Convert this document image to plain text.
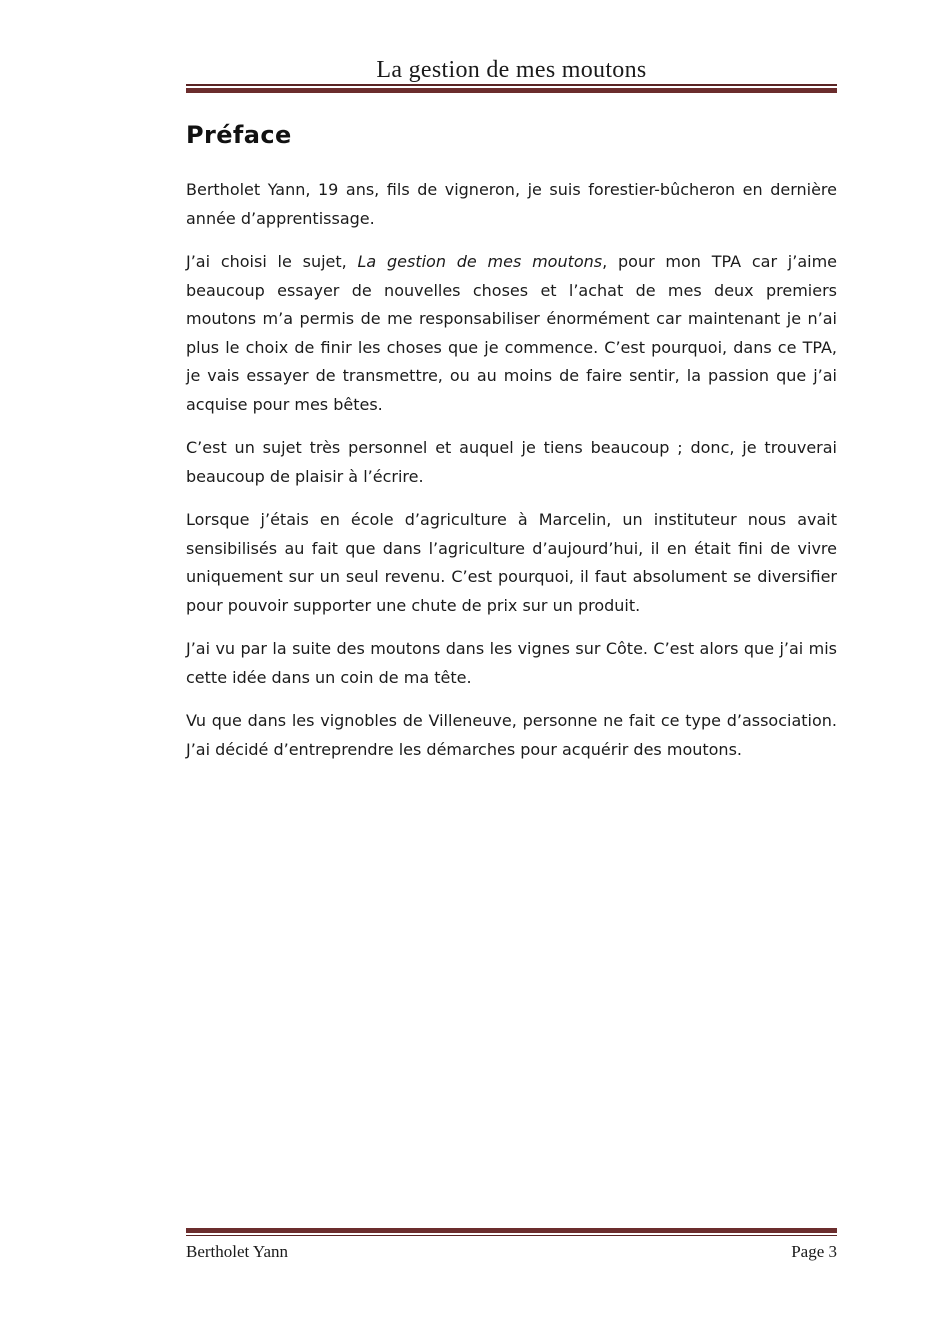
La gestion de mes moutons
Préface

Bertholet Yann, 19 ans, fils de vigneron, je suis forestier-bûcheron en dernière année d’apprentissage.

J’ai choisi le sujet, La gestion de mes moutons, pour mon TPA car j’aime beaucoup essayer de nouvelles choses et l’achat de mes deux premiers moutons m’a permis de me responsabiliser énormément car maintenant je n’ai plus le choix de finir les choses que je commence. C’est pourquoi, dans ce TPA, je vais essayer de transmettre, ou au moins de faire sentir, la passion que j’ai acquise pour mes bêtes.

C’est un sujet très personnel et auquel je tiens beaucoup ; donc, je trouverai beaucoup de plaisir à l’écrire.

Lorsque j’étais en école d’agriculture à Marcelin, un instituteur nous avait sensibilisés au fait que dans l’agriculture d’aujourd’hui, il en était fini de vivre uniquement sur un seul revenu. C’est pourquoi, il faut absolument se diversifier pour pouvoir supporter une chute de prix sur un produit.

J’ai vu par la suite des moutons dans les vignes sur Côte. C’est alors que j’ai mis cette idée dans un coin de ma tête.

Vu que dans les vignobles de Villeneuve, personne ne fait ce type d’association. J’ai décidé d’entreprendre les démarches pour acquérir des moutons.

Bertholet Yann	Page 3
